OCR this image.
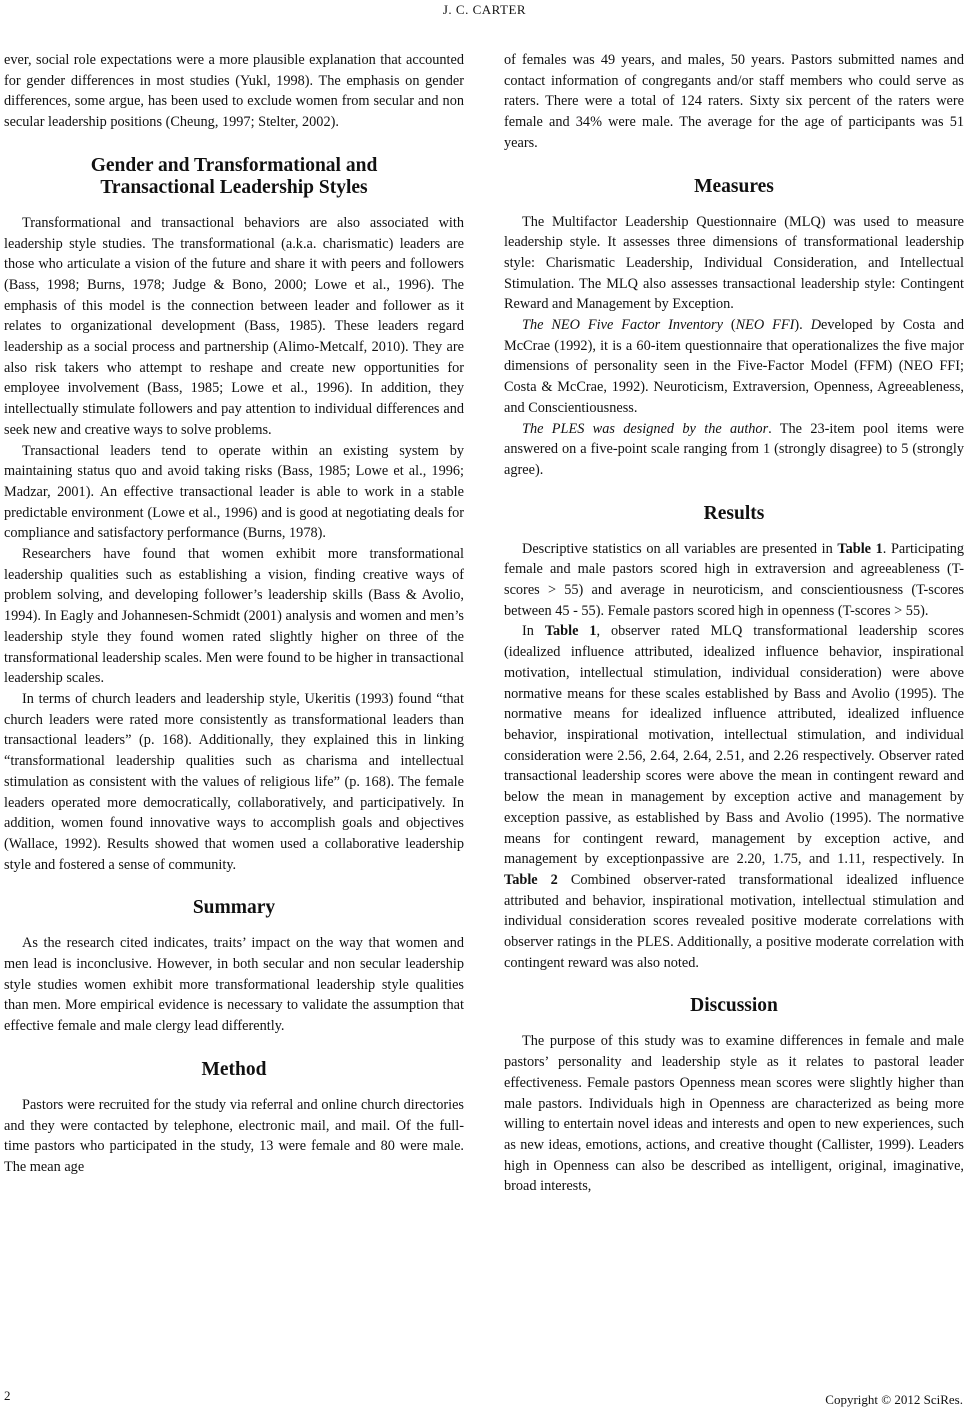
J. C. CARTER

ever, social role expectations were a more plausible explanation that accounted for gender differences in most studies (Yukl, 1998). The emphasis on gender differences, some argue, has been used to exclude women from secular and non secular leadership positions (Cheung, 1997; Stelter, 2002).

Gender and Transformational and Transactional Leadership Styles

Transformational and transactional behaviors are also associated with leadership style studies. The transformational (a.k.a. charismatic) leaders are those who articulate a vision of the future and share it with peers and followers (Bass, 1998; Burns, 1978; Judge & Bono, 2000; Lowe et al., 1996). The emphasis of this model is the connection between leader and follower as it relates to organizational development (Bass, 1985). These leaders regard leadership as a social process and partnership (Alimo-Metcalf, 2010). They are also risk takers who attempt to reshape and create new opportunities for employee involvement (Bass, 1985; Lowe et al., 1996). In addition, they intellectually stimulate followers and pay attention to individual differences and seek new and creative ways to solve problems.

Transactional leaders tend to operate within an existing system by maintaining status quo and avoid taking risks (Bass, 1985; Lowe et al., 1996; Madzar, 2001). An effective transactional leader is able to work in a stable predictable environment (Lowe et al., 1996) and is good at negotiating deals for compliance and satisfactory performance (Burns, 1978).

Researchers have found that women exhibit more transformational leadership qualities such as establishing a vision, finding creative ways of problem solving, and developing follower’s leadership skills (Bass & Avolio, 1994). In Eagly and Johannesen-Schmidt (2001) analysis and women and men’s leadership style they found women rated slightly higher on three of the transformational leadership scales. Men were found to be higher in transactional leadership scales.

In terms of church leaders and leadership style, Ukeritis (1993) found “that church leaders were rated more consistently as transformational leaders than transactional leaders” (p. 168). Additionally, they explained this in linking “transformational leadership qualities such as charisma and intellectual stimulation as consistent with the values of religious life” (p. 168). The female leaders operated more democratically, collaboratively, and participatively. In addition, women found innovative ways to accomplish goals and objectives (Wallace, 1992). Results showed that women used a collaborative leadership style and fostered a sense of community.

Summary

As the research cited indicates, traits’ impact on the way that women and men lead is inconclusive. However, in both secular and non secular leadership style studies women exhibit more transformational leadership style qualities than men. More empirical evidence is necessary to validate the assumption that effective female and male clergy lead differently.

Method

Pastors were recruited for the study via referral and online church directories and they were contacted by telephone, electronic mail, and mail. Of the full-time pastors who participated in the study, 13 were female and 80 were male. The mean age

of females was 49 years, and males, 50 years. Pastors submitted names and contact information of congregants and/or staff members who could serve as raters. There were a total of 124 raters. Sixty six percent of the raters were female and 34% were male. The average for the age of participants was 51 years.

Measures

The Multifactor Leadership Questionnaire (MLQ) was used to measure leadership style. It assesses three dimensions of transformational leadership style: Charismatic Leadership, Individual Consideration, and Intellectual Stimulation. The MLQ also assesses transactional leadership style: Contingent Reward and Management by Exception.

The NEO Five Factor Inventory (NEO FFI). Developed by Costa and McCrae (1992), it is a 60-item questionnaire that operationalizes the five major dimensions of personality seen in the Five-Factor Model (FFM) (NEO FFI; Costa & McCrae, 1992). Neuroticism, Extraversion, Openness, Agreeableness, and Conscientiousness.

The PLES was designed by the author. The 23-item pool items were answered on a five-point scale ranging from 1 (strongly disagree) to 5 (strongly agree).

Results

Descriptive statistics on all variables are presented in Table 1. Participating female and male pastors scored high in extraversion and agreeableness (T-scores > 55) and average in neuroticism, and conscientiousness (T-scores between 45 - 55). Female pastors scored high in openness (T-scores > 55).

In Table 1, observer rated MLQ transformational leadership scores (idealized influence attributed, idealized influence behavior, inspirational motivation, intellectual stimulation, individual consideration) were above normative means for these scales established by Bass and Avolio (1995). The normative means for idealized influence attributed, idealized influence behavior, inspirational motivation, intellectual stimulation, and individual consideration were 2.56, 2.64, 2.64, 2.51, and 2.26 respectively. Observer rated transactional leadership scores were above the mean in contingent reward and below the mean in management by exception active and management by exception passive, as established by Bass and Avolio (1995). The normative means for contingent reward, management by exception active, and management by exceptionpassive are 2.20, 1.75, and 1.11, respectively. In Table 2 Combined observer-rated transformational idealized influence attributed and behavior, inspirational motivation, intellectual stimulation and individual consideration scores revealed positive moderate correlations with observer ratings in the PLES. Additionally, a positive moderate correlation with contingent reward was also noted.

Discussion

The purpose of this study was to examine differences in female and male pastors’ personality and leadership style as it relates to pastoral leader effectiveness. Female pastors Openness mean scores were slightly higher than male pastors. Individuals high in Openness are characterized as being more willing to entertain novel ideas and interests and open to new experiences, such as new ideas, emotions, actions, and creative thought (Callister, 1999). Leaders high in Openness can also be described as intelligent, original, imaginative, broad interests,

2	Copyright © 2012 SciRes.
